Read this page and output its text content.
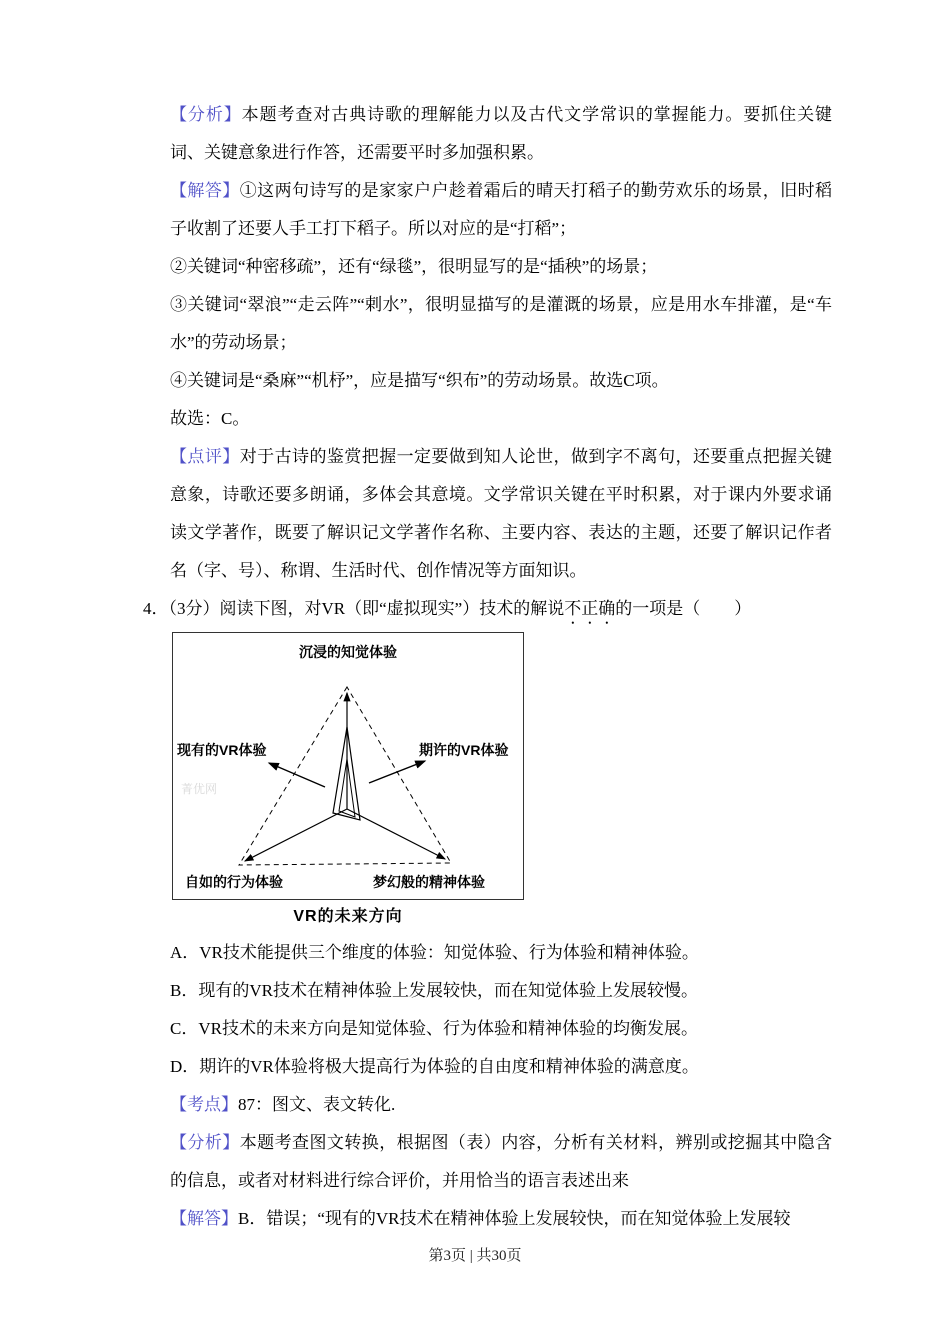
【分析】本题考查对古典诗歌的理解能力以及古代文学常识的掌握能力。要抓住关键词、关键意象进行作答，还需要平时多加强积累。

【解答】①这两句诗写的是家家户户趁着霜后的晴天打稻子的勤劳欢乐的场景，旧时稻子收割了还要人手工打下稻子。所以对应的是“打稻”；

②关键词“种密移疏”，还有“绿毯”，很明显写的是“插秧”的场景；

③关键词“翠浪”“走云阵”“剌水”，很明显描写的是灌溉的场景，应是用水车排灌，是“车水”的劳动场景；

④关键词是“桑麻”“机杼”，应是描写“织布”的劳动场景。故选C项。

故选：C。

【点评】对于古诗的鉴赏把握一定要做到知人论世，做到字不离句，还要重点把握关键意象，诗歌还要多朗诵，多体会其意境。文学常识关键在平时积累，对于课内外要求诵读文学著作，既要了解识记文学著作名称、主要内容、表达的主题，还要了解识记作者名（字、号）、称谓、生活时代、创作情况等方面知识。

4．（3分）阅读下图，对VR（即“虚拟现实”）技术的解说不正确的一项是（　　）

菁优网
沉浸的知觉体验
现有的VR体验	期许的VR体验
自如的行为体验	梦幻般的精神体验
VR的未来方向

A．VR技术能提供三个维度的体验：知觉体验、行为体验和精神体验。

B．现有的VR技术在精神体验上发展较快，而在知觉体验上发展较慢。

C．VR技术的未来方向是知觉体验、行为体验和精神体验的均衡发展。

D．期许的VR体验将极大提高行为体验的自由度和精神体验的满意度。

【考点】87：图文、表文转化.

【分析】本题考查图文转换，根据图（表）内容，分析有关材料，辨别或挖掘其中隐含的信息，或者对材料进行综合评价，并用恰当的语言表述出来

【解答】B．错误；“现有的VR技术在精神体验上发展较快，而在知觉体验上发展较

第3页 | 共30页
